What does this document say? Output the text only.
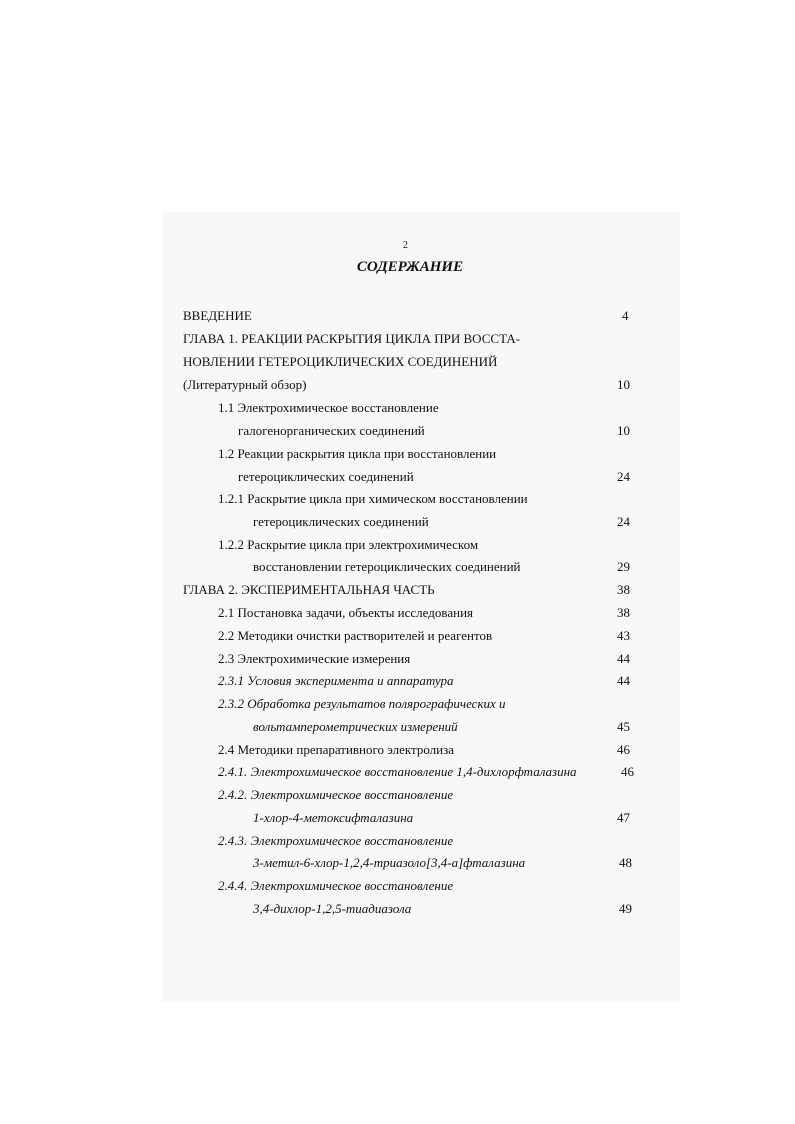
2
СОДЕРЖАНИЕ
ВВЕДЕНИЕ	4
ГЛАВА 1. РЕАКЦИИ РАСКРЫТИЯ ЦИКЛА ПРИ ВОССТА-
НОВЛЕНИИ ГЕТЕРОЦИКЛИЧЕСКИХ СОЕДИНЕНИЙ
(Литературный обзор)	10
1.1 Электрохимическое восстановление
галогенорганических соединений	10
1.2 Реакции раскрытия цикла при восстановлении
гетероциклических соединений	24
1.2.1 Раскрытие цикла при химическом восстановлении
гетероциклических соединений	24
1.2.2 Раскрытие цикла при электрохимическом
восстановлении гетероциклических соединений	29
ГЛАВА 2. ЭКСПЕРИМЕНТАЛЬНАЯ ЧАСТЬ	38
2.1 Постановка задачи, объекты исследования	38
2.2 Методики очистки растворителей и реагентов	43
2.3 Электрохимические измерения	44
2.3.1 Условия эксперимента и аппаратура	44
2.3.2 Обработка результатов полярографических и
вольтамперометрических измерений	45
2.4 Методики препаративного электролиза	46
2.4.1. Электрохимическое восстановление 1,4-дихлорфталазина	46
2.4.2. Электрохимическое восстановление
1-хлор-4-метоксифталазина	47
2.4.3. Электрохимическое восстановление
3-метил-6-хлор-1,2,4-триазоло[3,4-а]фталазина	48
2.4.4. Электрохимическое восстановление
3,4-дихлор-1,2,5-тиадиазола	49
